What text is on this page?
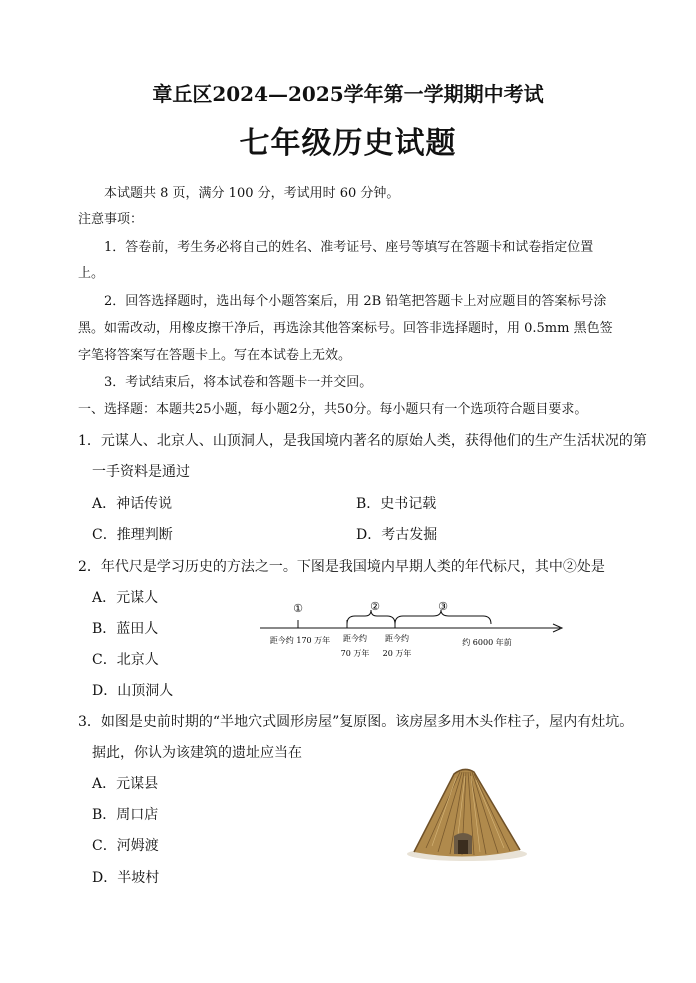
章丘区2024—2025学年第一学期期中考试
七年级历史试题
本试题共 8 页，满分 100 分，考试用时 60 分钟。
注意事项：
1．答卷前，考生务必将自己的姓名、准考证号、座号等填写在答题卡和试卷指定位置
上。
2．回答选择题时，选出每个小题答案后，用 2B 铅笔把答题卡上对应题目的答案标号涂
黑。如需改动，用橡皮擦干净后，再选涂其他答案标号。回答非选择题时，用 0.5mm 黑色签
字笔将答案写在答题卡上。写在本试卷上无效。
3．考试结束后，将本试卷和答题卡一并交回。
一、选择题：本题共25小题，每小题2分，共50分。每小题只有一个选项符合题目要求。
1．元谋人、北京人、山顶洞人，是我国境内著名的原始人类，获得他们的生产生活状况的第
一手资料是通过
A．神话传说	B．史书记载
C．推理判断	D．考古发掘
2．年代尺是学习历史的方法之一。下图是我国境内早期人类的年代标尺，其中②处是
A．元谋人
B．蓝田人
C．北京人
D．山顶洞人
①	②	③
距今约 170 万年 距今约
70 万年
距今约
20 万年
约 6000 年前
3．如图是史前时期的“半地穴式圆形房屋”复原图。该房屋多用木头作柱子，屋内有灶坑。
据此，你认为该建筑的遗址应当在
A．元谋县
B．周口店
C．河姆渡
D．半坡村
